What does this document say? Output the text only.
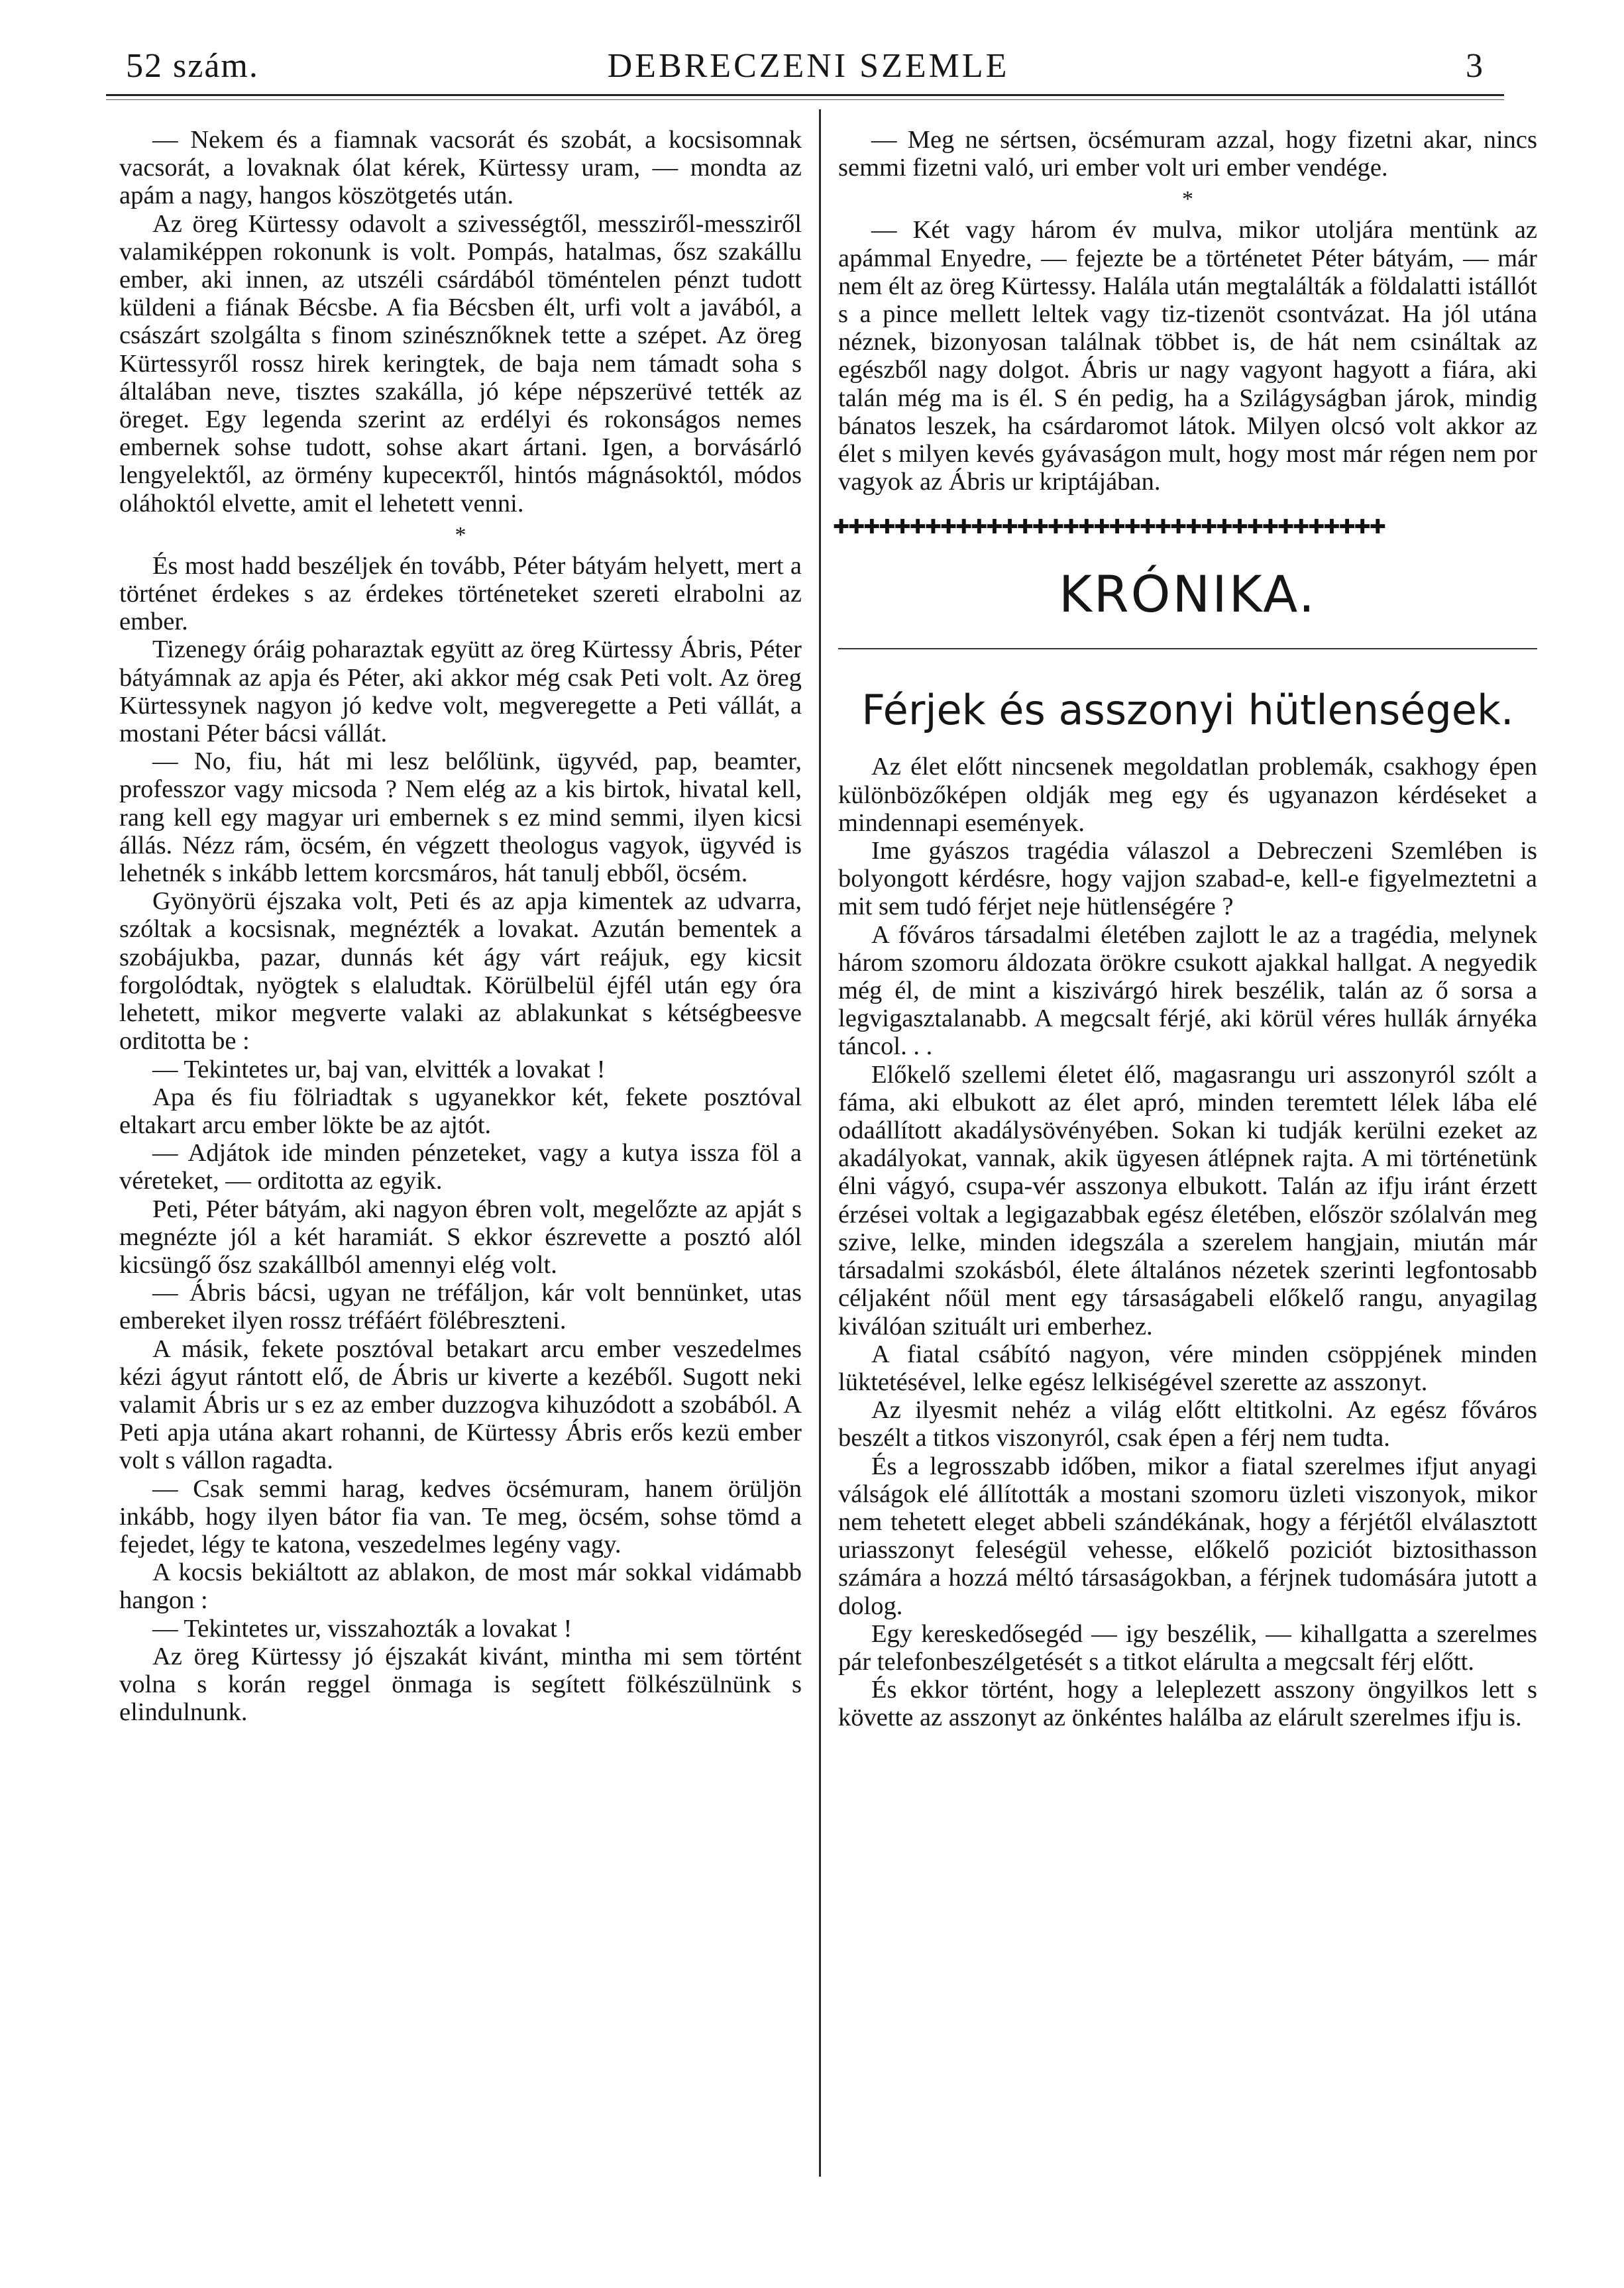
52 szám.	DEBRECZENI SZEMLE	3

— Nekem és a fiamnak vacsorát és szobát, a kocsisomnak vacsorát, a lovaknak ólat kérek, Kürtessy uram, — mondta az apám a nagy, hangos köszötgetés után.

Az öreg Kürtessy odavolt a szivességtől, messziről-messziről valamiképpen rokonunk is volt. Pompás, hatalmas, ősz szakállu ember, aki innen, az utszéli csárdából töméntelen pénzt tudott küldeni a fiának Bécsbe. A fia Bécsben élt, urfi volt a javából, a császárt szolgálta s finom szinésznőknek tette a szépet. Az öreg Kürtessyről rossz hirek keringtek, de baja nem támadt soha s általában neve, tisztes szakálla, jó képe népszerüvé tették az öreget. Egy legenda szerint az erdélyi és rokonságos nemes embernek sohse tudott, sohse akart ártani. Igen, a borvásárló lengyelektől, az örmény kupeceктől, hintós mágnásoktól, módos oláhoktól elvette, amit el lehetett venni.

*

És most hadd beszéljek én tovább, Péter bátyám helyett, mert a történet érdekes s az érdekes történeteket szereti elrabolni az ember.

Tizenegy óráig poharaztak együtt az öreg Kürtessy Ábris, Péter bátyámnak az apja és Péter, aki akkor még csak Peti volt. Az öreg Kürtessynek nagyon jó kedve volt, megveregette a Peti vállát, a mostani Péter bácsi vállát.

— No, fiu, hát mi lesz belőlünk, ügyvéd, pap, beamter, professzor vagy micsoda ? Nem elég az a kis birtok, hivatal kell, rang kell egy magyar uri embernek s ez mind semmi, ilyen kicsi állás. Nézz rám, öcsém, én végzett theologus vagyok, ügyvéd is lehetnék s inkább lettem korcsmáros, hát tanulj ebből, öcsém.

Gyönyörü éjszaka volt, Peti és az apja kimentek az udvarra, szóltak a kocsisnak, megnézték a lovakat. Azután bementek a szobájukba, pazar, dunnás két ágy várt reájuk, egy kicsit forgolódtak, nyögtek s elaludtak. Körülbelül éjfél után egy óra lehetett, mikor megverte valaki az ablakunkat s kétségbeesve orditotta be :

— Tekintetes ur, baj van, elvitték a lovakat !

Apa és fiu fölriadtak s ugyanekkor két, fekete posztóval eltakart arcu ember lökte be az ajtót.

— Adjátok ide minden pénzeteket, vagy a kutya issza föl a véreteket, — orditotta az egyik.

Peti, Péter bátyám, aki nagyon ébren volt, megelőzte az apját s megnézte jól a két haramiát. S ekkor észrevette a posztó alól kicsüngő ősz szakállból amennyi elég volt.

— Ábris bácsi, ugyan ne tréfáljon, kár volt bennünket, utas embereket ilyen rossz tréfáért fölébreszteni.

A másik, fekete posztóval betakart arcu ember veszedelmes kézi ágyut rántott elő, de Ábris ur kiverte a kezéből. Sugott neki valamit Ábris ur s ez az ember duzzogva kihuzódott a szobából. A Peti apja utána akart rohanni, de Kürtessy Ábris erős kezü ember volt s vállon ragadta.

— Csak semmi harag, kedves öcsémuram, hanem örüljön inkább, hogy ilyen bátor fia van. Te meg, öcsém, sohse tömd a fejedet, légy te katona, veszedelmes legény vagy.

A kocsis bekiáltott az ablakon, de most már sokkal vidámabb hangon :

— Tekintetes ur, visszahozták a lovakat !

Az öreg Kürtessy jó éjszakát kivánt, mintha mi sem történt volna s korán reggel önmaga is segített fölkészülnünk s elindulnunk.

— Meg ne sértsen, öcsémuram azzal, hogy fizetni akar, nincs semmi fizetni való, uri ember volt uri ember vendége.

*

— Két vagy három év mulva, mikor utoljára mentünk az apámmal Enyedre, — fejezte be a történetet Péter bátyám, — már nem élt az öreg Kürtessy. Halála után megtalálták a földalatti istállót s a pince mellett leltek vagy tiz-tizenöt csontvázat. Ha jól utána néznek, bizonyosan találnak többet is, de hát nem csináltak az egészből nagy dolgot. Ábris ur nagy vagyont hagyott a fiára, aki talán még ma is él. S én pedig, ha a Szilágyságban járok, mindig bánatos leszek, ha csárdaromot látok. Milyen olcsó volt akkor az élet s milyen kevés gyávaságon mult, hogy most már régen nem por vagyok az Ábris ur kriptájában.

✚✚✚✚✚✚✚✚✚✚✚✚✚✚✚✚✚✚✚✚✚✚✚✚✚✚✚✚✚✚✚✚✚✚✚✚
KRÓNIKA.
Férjek és asszonyi hütlenségek.

Az élet előtt nincsenek megoldatlan problemák, csakhogy épen különbözőképen oldják meg egy és ugyanazon kérdéseket a mindennapi események.

Ime gyászos tragédia válaszol a Debreczeni Szemlében is bolyongott kérdésre, hogy vajjon szabad-e, kell-e figyelmeztetni a mit sem tudó férjet neje hütlenségére ?

A főváros társadalmi életében zajlott le az a tragédia, melynek három szomoru áldozata örökre csukott ajakkal hallgat. A negyedik még él, de mint a kiszivárgó hirek beszélik, talán az ő sorsa a legvigasztalanabb. A megcsalt férjé, aki körül véres hullák árnyéka táncol. . .

Előkelő szellemi életet élő, magasrangu uri asszonyról szólt a fáma, aki elbukott az élet apró, minden teremtett lélek lába elé odaállított akadálysövényében. Sokan ki tudják kerülni ezeket az akadályokat, vannak, akik ügyesen átlépnek rajta. A mi történetünk élni vágyó, csupa-vér asszonya elbukott. Talán az ifju iránt érzett érzései voltak a legigazabbak egész életében, először szólalván meg szive, lelke, minden idegszála a szerelem hangjain, miután már társadalmi szokásból, élete általános nézetek szerinti legfontosabb céljaként nőül ment egy társaságabeli előkelő rangu, anyagilag kiválóan szituált uri emberhez.

A fiatal csábító nagyon, vére minden csöppjének minden lüktetésével, lelke egész lelkiségével szerette az asszonyt.

Az ilyesmit nehéz a világ előtt eltitkolni. Az egész főváros beszélt a titkos viszonyról, csak épen a férj nem tudta.

És a legrosszabb időben, mikor a fiatal szerelmes ifjut anyagi válságok elé állították a mostani szomoru üzleti viszonyok, mikor nem tehetett eleget abbeli szándékának, hogy a férjétől elválasztott uriasszonyt feleségül vehesse, előkelő poziciót biztosithasson számára a hozzá méltó társaságokban, a férjnek tudomására jutott a dolog.

Egy kereskedősegéd — igy beszélik, — kihallgatta a szerelmes pár telefonbeszélgetését s a titkot elárulta a megcsalt férj előtt.

És ekkor történt, hogy a leleplezett asszony öngyilkos lett s követte az asszonyt az önkéntes halálba az elárult szerelmes ifju is.
